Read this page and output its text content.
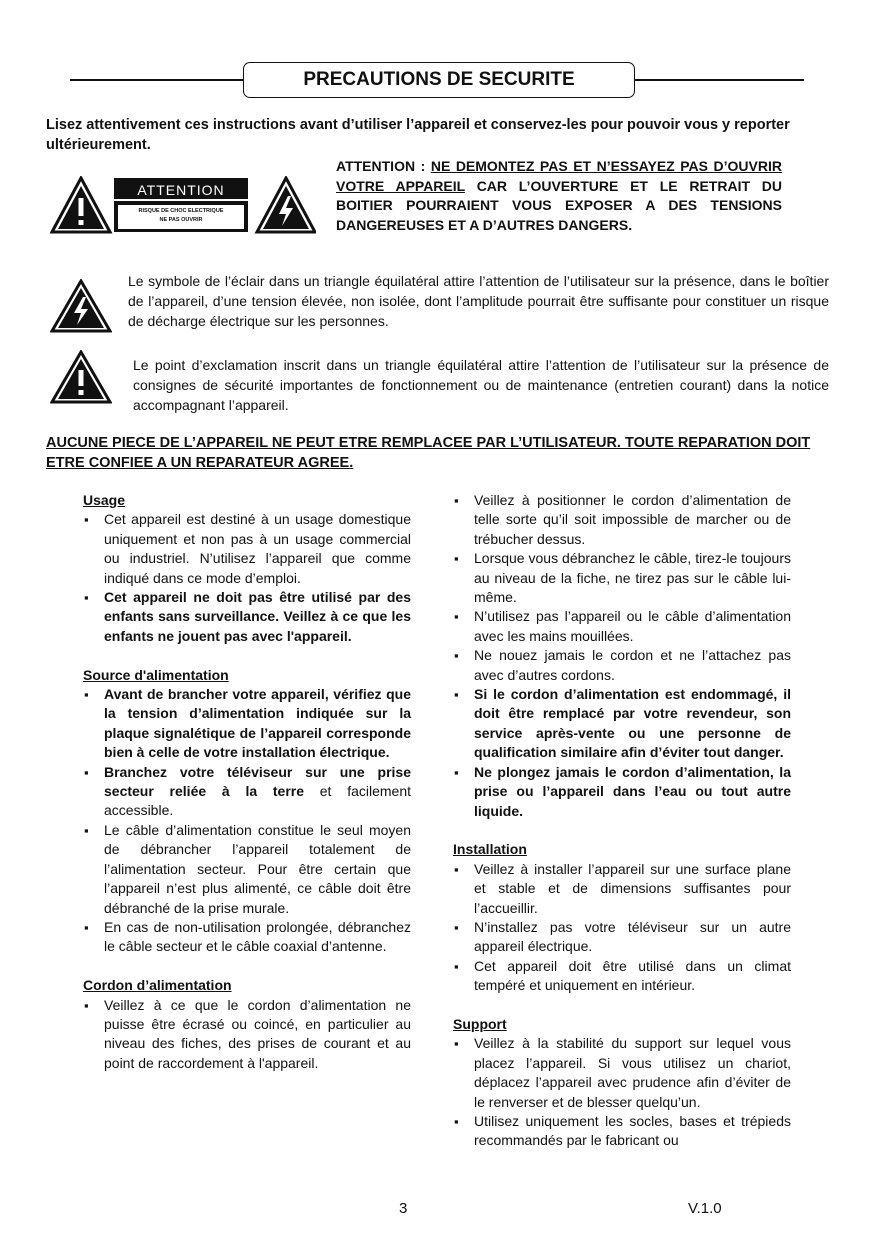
PRECAUTIONS DE SECURITE
Lisez attentivement ces instructions avant d’utiliser l’appareil et conservez-les pour pouvoir vous y reporter ultérieurement.
ATTENTION
RISQUE DE CHOC ELECTRIQUE
NE PAS OUVRIR
ATTENTION : NE DEMONTEZ PAS ET N’ESSAYEZ PAS D’OUVRIR VOTRE APPAREIL CAR L’OUVERTURE ET LE RETRAIT DU BOITIER POURRAIENT VOUS EXPOSER A DES TENSIONS DANGEREUSES ET A D’AUTRES DANGERS.
Le symbole de l’éclair dans un triangle équilatéral attire l’attention de l’utilisateur sur la présence, dans le boîtier de l’appareil, d’une tension élevée, non isolée, dont l’amplitude pourrait être suffisante pour constituer un risque de décharge électrique sur les personnes.
Le point d’exclamation inscrit dans un triangle équilatéral attire l’attention de l’utilisateur sur la présence de consignes de sécurité importantes de fonctionnement ou de maintenance (entretien courant) dans la notice accompagnant l’appareil.
AUCUNE PIECE DE L’APPAREIL NE PEUT ETRE REMPLACEE PAR L’UTILISATEUR. TOUTE REPARATION DOIT ETRE CONFIEE A UN REPARATEUR AGREE.
Usage
▪ Cet appareil est destiné à un usage domestique uniquement et non pas à un usage commercial ou industriel. N’utilisez l’appareil que comme indiqué dans ce mode d’emploi.
▪ Cet appareil ne doit pas être utilisé par des enfants sans surveillance. Veillez à ce que les enfants ne jouent pas avec l'appareil.
Source d'alimentation
▪ Avant de brancher votre appareil, vérifiez que la tension d’alimentation indiquée sur la plaque signalétique de l’appareil corresponde bien à celle de votre installation électrique.
▪ Branchez votre téléviseur sur une prise secteur reliée à la terre et facilement accessible.
▪ Le câble d’alimentation constitue le seul moyen de débrancher l’appareil totalement de l’alimentation secteur. Pour être certain que l’appareil n’est plus alimenté, ce câble doit être débranché de la prise murale.
▪ En cas de non-utilisation prolongée, débranchez le câble secteur et le câble coaxial d’antenne.
Cordon d’alimentation
▪ Veillez à ce que le cordon d’alimentation ne puisse être écrasé ou coincé, en particulier au niveau des fiches, des prises de courant et au point de raccordement à l'appareil.
▪ Veillez à positionner le cordon d’alimentation de telle sorte qu’il soit impossible de marcher ou de trébucher dessus.
▪ Lorsque vous débranchez le câble, tirez-le toujours au niveau de la fiche, ne tirez pas sur le câble lui-même.
▪ N’utilisez pas l’appareil ou le câble d’alimentation avec les mains mouillées.
▪ Ne nouez jamais le cordon et ne l’attachez pas avec d’autres cordons.
▪ Si le cordon d’alimentation est endommagé, il doit être remplacé par votre revendeur, son service après-vente ou une personne de qualification similaire afin d’éviter tout danger.
▪ Ne plongez jamais le cordon d’alimentation, la prise ou l’appareil dans l’eau ou tout autre liquide.
Installation
▪ Veillez à installer l’appareil sur une surface plane et stable et de dimensions suffisantes pour l’accueillir.
▪ N’installez pas votre téléviseur sur un autre appareil électrique.
▪ Cet appareil doit être utilisé dans un climat tempéré et uniquement en intérieur.
Support
▪ Veillez à la stabilité du support sur lequel vous placez l’appareil. Si vous utilisez un chariot, déplacez l’appareil avec prudence afin d’éviter de le renverser et de blesser quelqu’un.
▪ Utilisez uniquement les socles, bases et trépieds recommandés par le fabricant ou
3	V.1.0
